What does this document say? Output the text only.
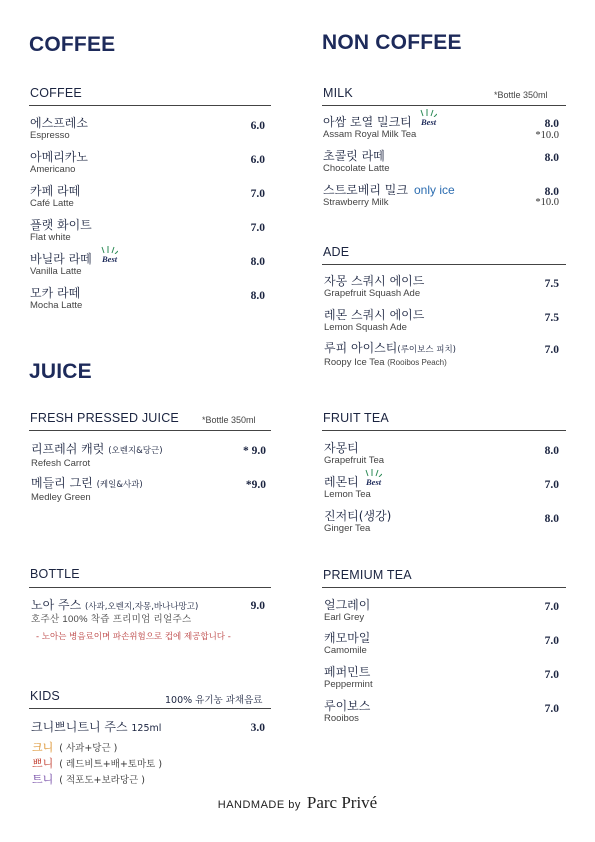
COFFEE	NON COFFEE
JUICE
COFFEE
에스프레소
Espresso
6.0
아메리카노
Americano
6.0
카페 라떼
Café Latte
7.0
플랫 화이트
Flat white
7.0
바닐라 라떼
Vanilla Latte
Best	8.0
모카 라떼
Mocha Latte
8.0
MILK	*Bottle 350ml
아쌈 로열 밀크티
Assam Royal Milk Tea
Best	8.0
*10.0
초콜릿 라떼
Chocolate Latte
8.0
스트로베리 밀크 only ice
Strawberry Milk
8.0
*10.0
ADE
자몽 스쿼시 에이드
Grapefruit Squash Ade
7.5
레몬 스쿼시 에이드
Lemon Squash Ade
7.5
루피 아이스티(루이보스 피치)
Roopy Ice Tea (Rooibos Peach)
7.0
FRESH PRESSED JUICE	*Bottle 350ml
리프레쉬 캐럿 (오렌지&당근)
Refesh Carrot
* 9.0
메들리 그린 (케일&사과)
Medley Green
*9.0
FRUIT TEA
자몽티
Grapefruit Tea
8.0
레몬티
Lemon Tea
Best	7.0
진저티(생강)
Ginger Tea
8.0
BOTTLE
노아 주스 (사과,오렌지,자몽,바나나망고)
호주산 100% 착즙 프리미엄 리얼주스
9.0
- 노아는 병음료이며 파손위험으로 컵에 제공합니다 -
PREMIUM TEA
얼그레이
Earl Grey
7.0
캐모마일
Camomile
7.0
페퍼민트
Peppermint
7.0
루이보스
Rooibos
7.0
KIDS	100% 유기농 과채음료
크니쁘니트니 주스 125ml	3.0
크니 ( 사과+당근 )
쁘니 ( 레드비트+배+토마토 )
트니 ( 적포도+보라당근 )
HANDMADE by Parc Privé
